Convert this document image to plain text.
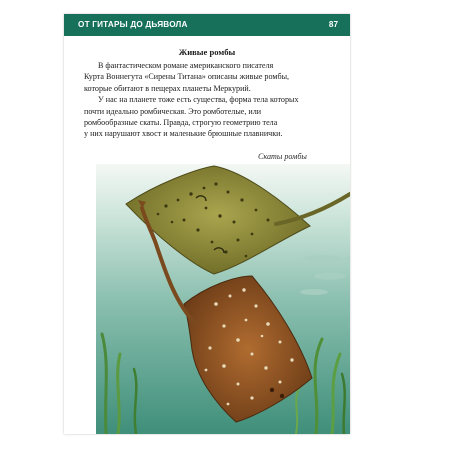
ОТ ГИТАРЫ ДО ДЬЯВОЛА	87
Живые ромбы
В фантастическом романе американского писателя
Курта Воннегута «Сирены Титана» описаны живые ромбы,
которые обитают в пещерах планеты Меркурий.
У нас на планете тоже есть существа, форма тела которых
почти идеально ромбическая. Это ромботелые, или
ромбообразные скаты. Правда, строгую геометрию тела
у них нарушают хвост и маленькие брюшные плавнички.
Скаты ромбы
